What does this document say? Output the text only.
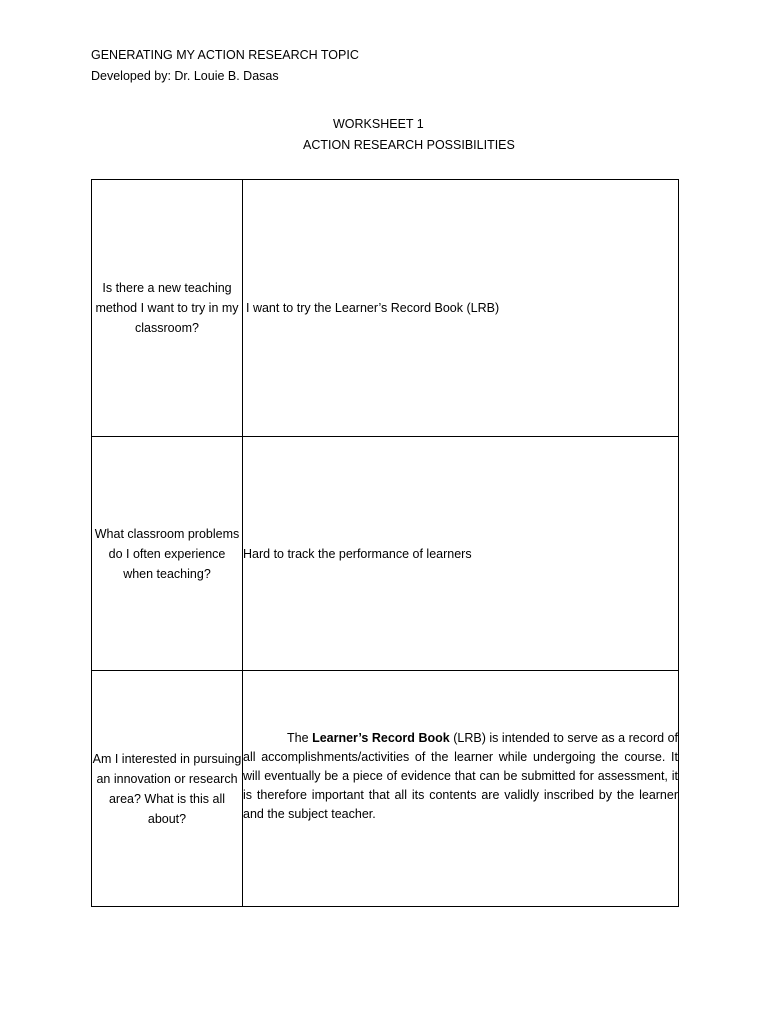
GENERATING MY ACTION RESEARCH TOPIC
Developed by: Dr. Louie B. Dasas
WORKSHEET 1
ACTION RESEARCH POSSIBILITIES
Is there a new teaching method I want to try in my classroom?	I want to try the Learner’s Record Book (LRB)

What classroom problems do I often experience when teaching?	Hard to track the performance of learners

Am I interested in pursuing an innovation or research area? What is this all about?	The Learner’s Record Book (LRB) is intended to serve as a record of all accomplishments/activities of the learner while undergoing the course. It will eventually be a piece of evidence that can be submitted for assessment, it is therefore important that all its contents are validly inscribed by the learner and the subject teacher.
